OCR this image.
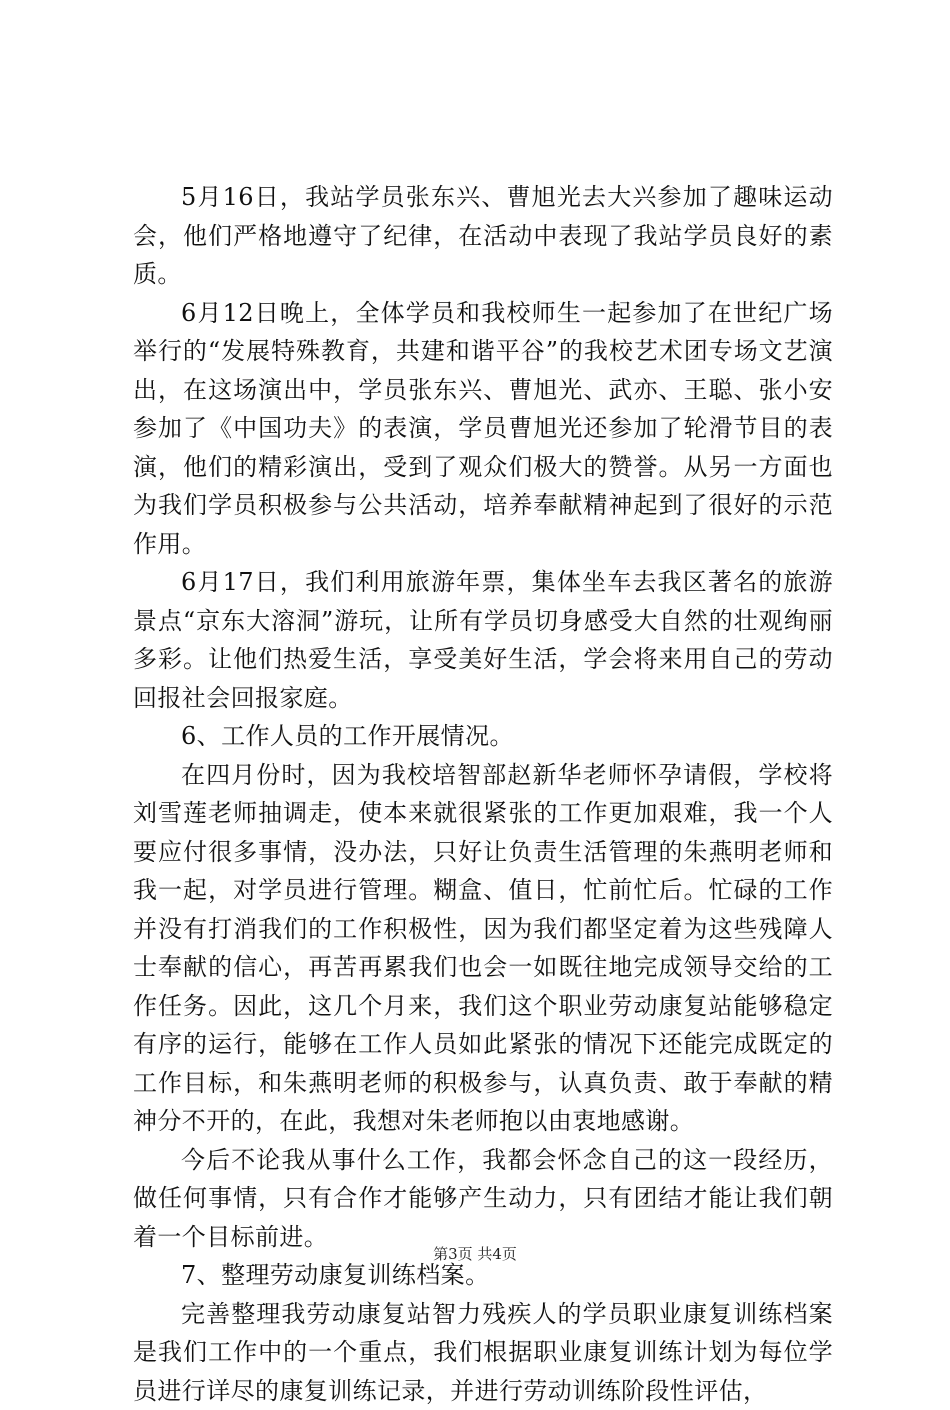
5月16日，我站学员张东兴、曹旭光去大兴参加了趣味运动会，他们严格地遵守了纪律，在活动中表现了我站学员良好的素质。

6月12日晚上，全体学员和我校师生一起参加了在世纪广场举行的“发展特殊教育，共建和谐平谷”的我校艺术团专场文艺演出，在这场演出中，学员张东兴、曹旭光、武亦、王聪、张小安参加了《中国功夫》的表演，学员曹旭光还参加了轮滑节目的表演，他们的精彩演出，受到了观众们极大的赞誉。从另一方面也为我们学员积极参与公共活动，培养奉献精神起到了很好的示范作用。

6月17日，我们利用旅游年票，集体坐车去我区著名的旅游景点“京东大溶洞”游玩，让所有学员切身感受大自然的壮观绚丽多彩。让他们热爱生活，享受美好生活，学会将来用自己的劳动回报社会回报家庭。

6、工作人员的工作开展情况。

在四月份时，因为我校培智部赵新华老师怀孕请假，学校将刘雪莲老师抽调走，使本来就很紧张的工作更加艰难，我一个人要应付很多事情，没办法，只好让负责生活管理的朱燕明老师和我一起，对学员进行管理。糊盒、值日，忙前忙后。忙碌的工作并没有打消我们的工作积极性，因为我们都坚定着为这些残障人士奉献的信心，再苦再累我们也会一如既往地完成领导交给的工作任务。因此，这几个月来，我们这个职业劳动康复站能够稳定有序的运行，能够在工作人员如此紧张的情况下还能完成既定的工作目标，和朱燕明老师的积极参与，认真负责、敢于奉献的精神分不开的，在此，我想对朱老师抱以由衷地感谢。

今后不论我从事什么工作，我都会怀念自己的这一段经历，做任何事情，只有合作才能够产生动力，只有团结才能让我们朝着一个目标前进。

7、整理劳动康复训练档案。

完善整理我劳动康复站智力残疾人的学员职业康复训练档案是我们工作中的一个重点，我们根据职业康复训练计划为每位学员进行详尽的康复训练记录，并进行劳动训练阶段性评估，

第3页 共4页
